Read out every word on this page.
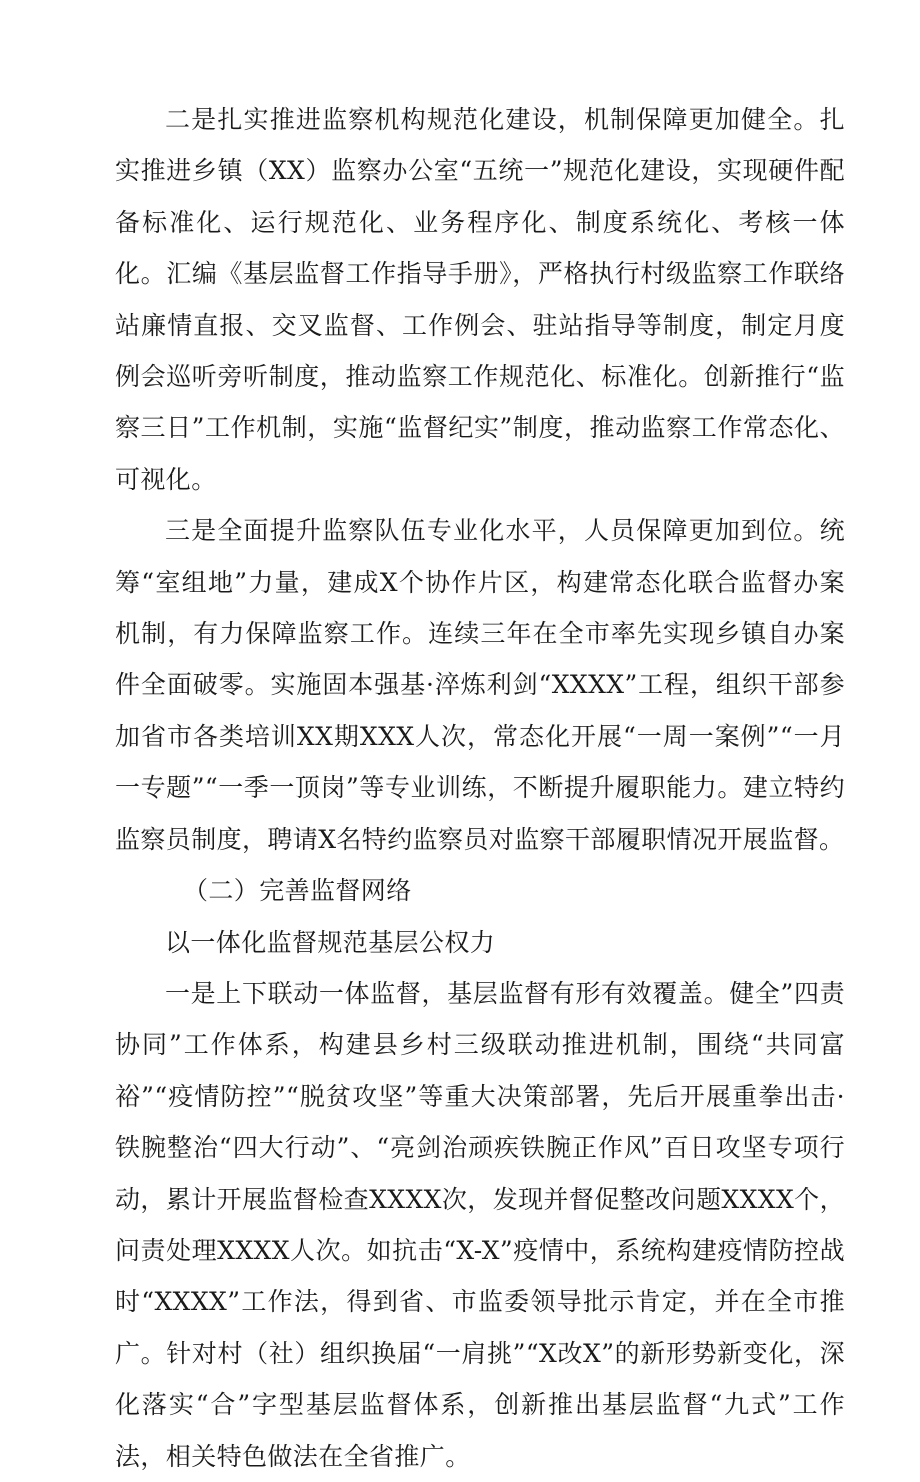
二是扎实推进监察机构规范化建设，机制保障更加健全。扎实推进乡镇（XX）监察办公室“五统一”规范化建设，实现硬件配备标准化、运行规范化、业务程序化、制度系统化、考核一体化。汇编《基层监督工作指导手册》，严格执行村级监察工作联络站廉情直报、交叉监督、工作例会、驻站指导等制度，制定月度例会巡听旁听制度，推动监察工作规范化、标准化。创新推行“监察三日”工作机制，实施“监督纪实”制度，推动监察工作常态化、可视化。

三是全面提升监察队伍专业化水平，人员保障更加到位。统筹“室组地”力量，建成X个协作片区，构建常态化联合监督办案机制，有力保障监察工作。连续三年在全市率先实现乡镇自办案件全面破零。实施固本强基·淬炼利剑“XXXX”工程，组织干部参加省市各类培训XX期XXX人次，常态化开展“一周一案例”“一月一专题”“一季一顶岗”等专业训练，不断提升履职能力。建立特约监察员制度，聘请X名特约监察员对监察干部履职情况开展监督。

（二）完善监督网络

以一体化监督规范基层公权力

一是上下联动一体监督，基层监督有形有效覆盖。健全”四责协同”工作体系，构建县乡村三级联动推进机制，围绕“共同富裕”“疫情防控”“脱贫攻坚”等重大决策部署，先后开展重拳出击·铁腕整治“四大行动”、“亮剑治顽疾铁腕正作风”百日攻坚专项行动，累计开展监督检查XXXX次，发现并督促整改问题XXXX个，问责处理XXXX人次。如抗击“X-X”疫情中，系统构建疫情防控战时“XXXX”工作法，得到省、市监委领导批示肯定，并在全市推广。针对村（社）组织换届“一肩挑”“X改X”的新形势新变化，深化落实“合”字型基层监督体系，创新推出基层监督“九式”工作法，相关特色做法在全省推广。
